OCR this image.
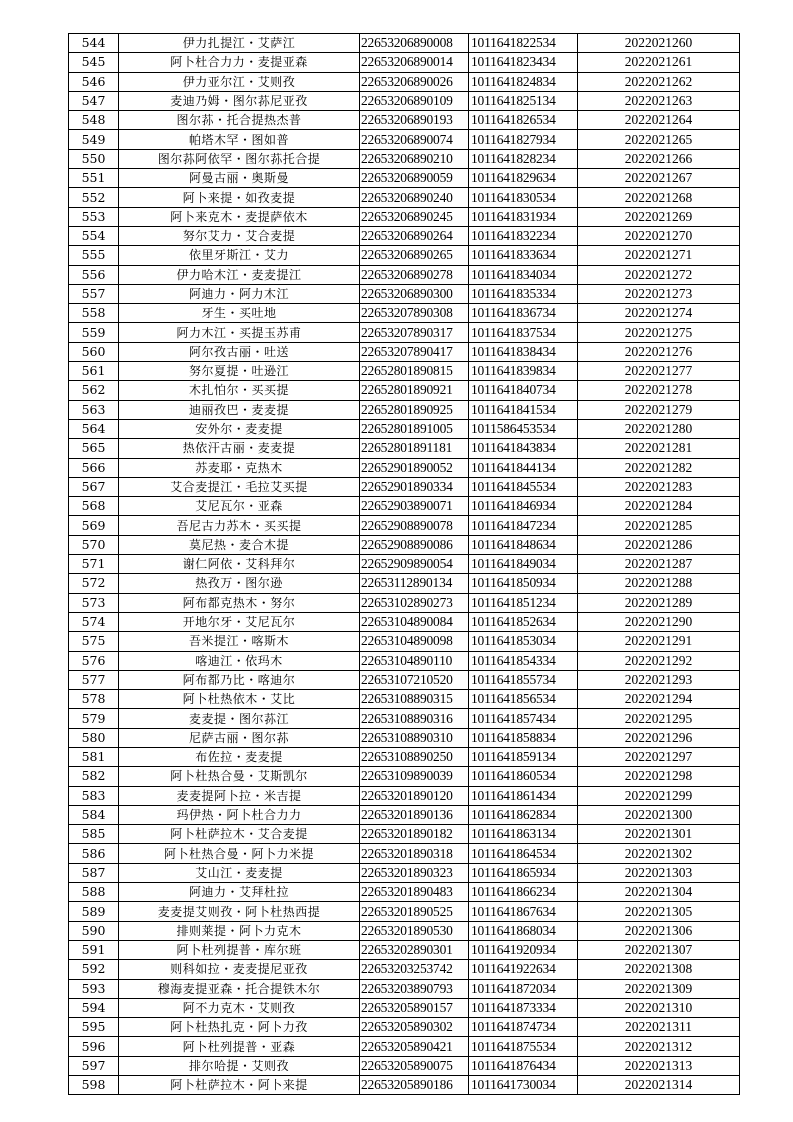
544	伊力扎提江・艾萨江	22653206890008	1011641822534	2022021260
545	阿卜杜合力力・麦提亚森	22653206890014	1011641823434	2022021261
546	伊力亚尔江・艾则孜	22653206890026	1011641824834	2022021262
547	麦迪乃姆・图尔荪尼亚孜	22653206890109	1011641825134	2022021263
548	图尔荪・托合提热杰普	22653206890193	1011641826534	2022021264
549	帕塔木罕・图如普	22653206890074	1011641827934	2022021265
550	图尔荪阿依罕・图尔荪托合提	22653206890210	1011641828234	2022021266
551	阿曼古丽・奥斯曼	22653206890059	1011641829634	2022021267
552	阿卜来提・如孜麦提	22653206890240	1011641830534	2022021268
553	阿卜来克木・麦提萨依木	22653206890245	1011641831934	2022021269
554	努尔艾力・艾合麦提	22653206890264	1011641832234	2022021270
555	依里牙斯江・艾力	22653206890265	1011641833634	2022021271
556	伊力哈木江・麦麦提江	22653206890278	1011641834034	2022021272
557	阿迪力・阿力木江	22653206890300	1011641835334	2022021273
558	牙生・买吐地	22653207890308	1011641836734	2022021274
559	阿力木江・买提玉苏甫	22653207890317	1011641837534	2022021275
560	阿尔孜古丽・吐送	22653207890417	1011641838434	2022021276
561	努尔夏提・吐逊江	22652801890815	1011641839834	2022021277
562	木扎怕尔・买买提	22652801890921	1011641840734	2022021278
563	迪丽孜巴・麦麦提	22652801890925	1011641841534	2022021279
564	安外尔・麦麦提	22652801891005	1011586453534	2022021280
565	热依汗古丽・麦麦提	22652801891181	1011641843834	2022021281
566	苏麦耶・克热木	22652901890052	1011641844134	2022021282
567	艾合麦提江・毛拉艾买提	22652901890334	1011641845534	2022021283
568	艾尼瓦尔・亚森	22652903890071	1011641846934	2022021284
569	吾尼古力苏木・买买提	22652908890078	1011641847234	2022021285
570	莫尼热・麦合木提	22652908890086	1011641848634	2022021286
571	谢仁阿依・艾科拜尔	22652909890054	1011641849034	2022021287
572	热孜万・图尔逊	22653112890134	1011641850934	2022021288
573	阿布都克热木・努尔	22653102890273	1011641851234	2022021289
574	开地尔牙・艾尼瓦尔	22653104890084	1011641852634	2022021290
575	吾米提江・喀斯木	22653104890098	1011641853034	2022021291
576	喀迪江・依玛木	22653104890110	1011641854334	2022021292
577	阿布都乃比・喀迪尔	22653107210520	1011641855734	2022021293
578	阿卜杜热依木・艾比	22653108890315	1011641856534	2022021294
579	麦麦提・图尔荪江	22653108890316	1011641857434	2022021295
580	尼萨古丽・图尔荪	22653108890310	1011641858834	2022021296
581	布佐拉・麦麦提	22653108890250	1011641859134	2022021297
582	阿卜杜热合曼・艾斯凯尔	22653109890039	1011641860534	2022021298
583	麦麦提阿卜拉・米吉提	22653201890120	1011641861434	2022021299
584	玛伊热・阿卜杜合力力	22653201890136	1011641862834	2022021300
585	阿卜杜萨拉木・艾合麦提	22653201890182	1011641863134	2022021301
586	阿卜杜热合曼・阿卜力米提	22653201890318	1011641864534	2022021302
587	艾山江・麦麦提	22653201890323	1011641865934	2022021303
588	阿迪力・艾拜杜拉	22653201890483	1011641866234	2022021304
589	麦麦提艾则孜・阿卜杜热西提	22653201890525	1011641867634	2022021305
590	排则莱提・阿卜力克木	22653201890530	1011641868034	2022021306
591	阿卜杜列提普・库尔班	22653202890301	1011641920934	2022021307
592	则科如拉・麦麦提尼亚孜	22653203253742	1011641922634	2022021308
593	穆海麦提亚森・托合提铁木尔	22653203890793	1011641872034	2022021309
594	阿不力克木・艾则孜	22653205890157	1011641873334	2022021310
595	阿卜杜热扎克・阿卜力孜	22653205890302	1011641874734	2022021311
596	阿卜杜列提普・亚森	22653205890421	1011641875534	2022021312
597	排尔哈提・艾则孜	22653205890075	1011641876434	2022021313
598	阿卜杜萨拉木・阿卜来提	22653205890186	1011641730034	2022021314
